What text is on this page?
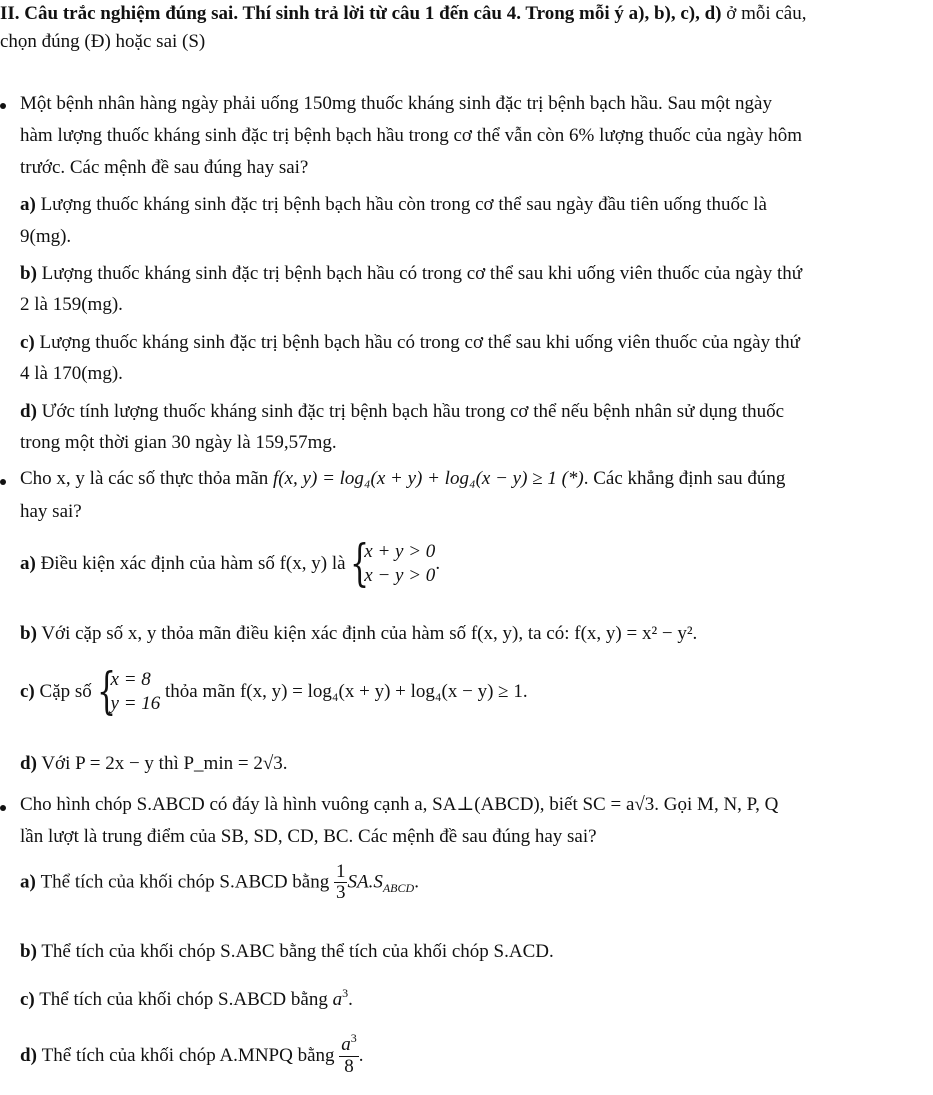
II. Câu trắc nghiệm đúng sai. Thí sinh trả lời từ câu 1 đến câu 4. Trong mỗi ý a), b), c), d) ở mỗi câu,
chọn đúng (Đ) hoặc sai (S)
Một bệnh nhân hàng ngày phải uống 150mg thuốc kháng sinh đặc trị bệnh bạch hầu. Sau một ngày
hàm lượng thuốc kháng sinh đặc trị bệnh bạch hầu trong cơ thể vẫn còn 6% lượng thuốc của ngày hôm
trước. Các mệnh đề sau đúng hay sai?
a) Lượng thuốc kháng sinh đặc trị bệnh bạch hầu còn trong cơ thể sau ngày đầu tiên uống thuốc là
9(mg).
b) Lượng thuốc kháng sinh đặc trị bệnh bạch hầu có trong cơ thể sau khi uống viên thuốc của ngày thứ
2 là 159(mg).
c) Lượng thuốc kháng sinh đặc trị bệnh bạch hầu có trong cơ thể sau khi uống viên thuốc của ngày thứ
4 là 170(mg).
d) Ước tính lượng thuốc kháng sinh đặc trị bệnh bạch hầu trong cơ thể nếu bệnh nhân sử dụng thuốc
trong một thời gian 30 ngày là 159,57mg.
Cho x, y là các số thực thỏa mãn f(x, y) = log₄(x + y) + log₄(x − y) ≥ 1 (*). Các khẳng định sau đúng
hay sai?
a) Điều kiện xác định của hàm số f(x, y) là {
x + y > 0
x − y > 0
.
b) Với cặp số x, y thỏa mãn điều kiện xác định của hàm số f(x, y), ta có: f(x, y) = x² − y².
c) Cặp số {
x = 8
y = 16
thỏa mãn f(x, y) = log₄(x + y) + log₄(x − y) ≥ 1.
d) Với P = 2x − y thì P_min = 2√3.
Cho hình chóp S.ABCD có đáy là hình vuông cạnh a, SA⊥(ABCD), biết SC = a√3. Gọi M, N, P, Q
lần lượt là trung điểm của SB, SD, CD, BC. Các mệnh đề sau đúng hay sai?
a) Thể tích của khối chóp S.ABCD bằng $\frac{1}{3} SA.S_{ABCD}$.
b) Thể tích của khối chóp S.ABC bằng thể tích của khối chóp S.ACD.
c) Thể tích của khối chóp S.ABCD bằng $a^3$.
d) Thể tích của khối chóp A.MNPQ bằng $\frac{a^3}{8}$ .
